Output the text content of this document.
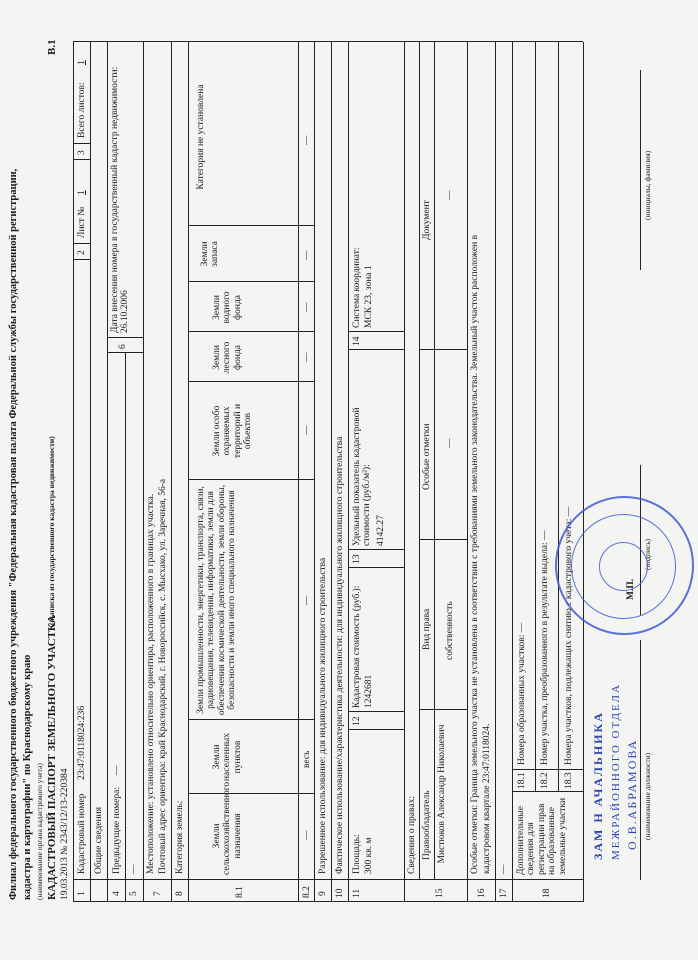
Филиал федерального государственного бюджетного учреждения "Федеральная кадастровая палата Федеральной службы государственной регистрации, кадастра и картографии" по Краснодарскому краю (наименование органа кадастрового учета) КАДАСТРОВЫЙ ПАСПОРТ ЗЕМЕЛЬНОГО УЧАСТКА
(выписка из государственного кадастра недвижимости)
В.1
19.03.2013 № 2343/12/13-220384 1
Кадастровый номер
23:47:0118024:236
2
Лист №
1
3
Всего листов:
1
Общие сведения
4
Предыдущие номера:
—
6
Дата внесения номера в государственный кадастр недвижимости: 26.10.2006
5
—
7
Местоположение: установлено относительно ориентира, расположенного в границах участка. Почтовый адрес ориентира: край Краснодарский, г. Новороссийск, с. Мысхако, ул. Заречная, 56-а
8
Категория земель:
8.1
Земли сельскохозяйственного назначения
Земли населенных пунктов
Земли промышленности, энергетики, транспорта, связи, радиовещания, телевидения, информатики, земли для обеспечения космической деятельности, земли обороны, безопасности и земли иного специального назначения
Земли особо охраняемых территорий и объектов
Земли лесного фонда
Земли водного фонда
Земли запаса
Категория не установлена
8.2
—
весь
—
—
—
—
—
—
9
Разрешенное использование: для индивидуального жилищного строительства
10
Фактическое использование/характеристика деятельности: для индивидуального жилищного строительства
11
Площадь: 300 кв. м
12
Кадастровая стоимость (руб.): 1242681
13
Удельный показатель кадастровой стоимости (руб./м²): 4142.27
14
Система координат: МСК 23, зона 1
Сведения о правах:
15
Правообладатель
Вид права
Особые отметки
Документ
Мистюков Александр Николаевич
собственность
—
—
16
Особые отметки: Граница земельного участка не установлена в соответствии с требованиями земельного законодательства. Земельный участок расположен в кадастровом квартале 23:47:0118024.
17
—
18
Дополнительные сведения для регистрации прав на образованные земельные участки
18.1
Номера образованных участков: —
18.2
Номер участка, преобразованного в результате выдела: —
18.3
Номера участков, подлежащих снятию с кадастрового учета: —
ЗАМ Н АЧАЛЬНИКА МЕЖРАЙОННОГО ОТДЕЛА О.В.АБРАМОВА (наименование должности)
(подпись)
М.П.
(инициалы, фамилия)
